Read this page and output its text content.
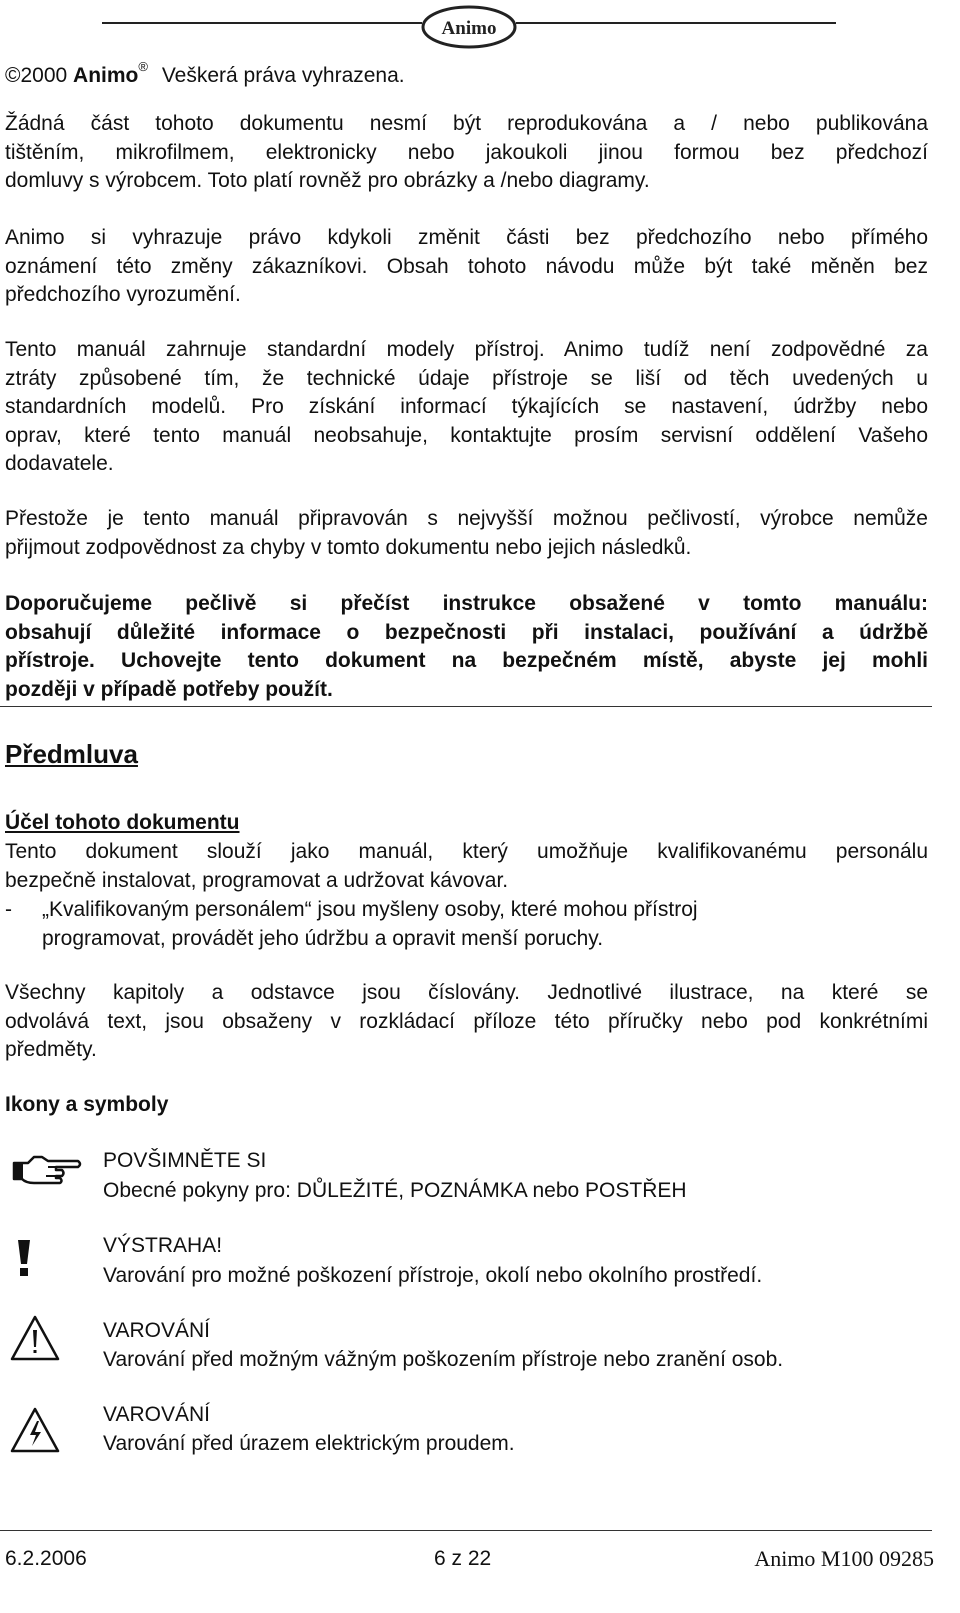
Animo
©2000 Animo® Veškerá práva vyhrazena.
Žádná část tohoto dokumentu nesmí být reprodukována a / nebo publikována
tištěním, mikrofilmem, elektronicky nebo jakoukoli jinou formou bez předchozí
domluvy s výrobcem. Toto platí rovněž pro obrázky a /nebo diagramy.
Animo si vyhrazuje právo kdykoli změnit části bez předchozího nebo přímého
oznámení této změny zákazníkovi. Obsah tohoto návodu může být také měněn bez
předchozího vyrozumění.
Tento manuál zahrnuje standardní modely přístroj. Animo tudíž není zodpovědné za
ztráty způsobené tím, že technické údaje přístroje se liší od těch uvedených u
standardních modelů. Pro získání informací týkajících se nastavení, údržby nebo
oprav, které tento manuál neobsahuje, kontaktujte prosím servisní oddělení Vašeho
dodavatele.
Přestože je tento manuál připravován s nejvyšší možnou pečlivostí, výrobce nemůže
přijmout zodpovědnost za chyby v tomto dokumentu nebo jejich následků.
Doporučujeme pečlivě si přečíst instrukce obsažené v tomto manuálu:
obsahují důležité informace o bezpečnosti při instalaci, používání a údržbě
přístroje. Uchovejte tento dokument na bezpečném místě, abyste jej mohli
později v případě potřeby použít.
Předmluva
Účel tohoto dokumentu
Tento dokument slouží jako manuál, který umožňuje kvalifikovanému personálu
bezpečně instalovat, programovat a udržovat kávovar.
- „Kvalifikovaným personálem“ jsou myšleny osoby, které mohou přístroj
programovat, provádět jeho údržbu a opravit menší poruchy.
Všechny kapitoly a odstavce jsou číslovány. Jednotlivé ilustrace, na které se
odvolává text, jsou obsaženy v rozkládací příloze této příručky nebo pod konkrétními
předměty.
Ikony a symboly
POVŠIMNĚTE SI
Obecné pokyny pro: DŮLEŽITÉ, POZNÁMKA nebo POSTŘEH
VÝSTRAHA!
Varování pro možné poškození přístroje, okolí nebo okolního prostředí.
VAROVÁNÍ
Varování před možným vážným poškozením přístroje nebo zranění osob.
VAROVÁNÍ
Varování před úrazem elektrickým proudem.
6.2.2006	6 z 22	Animo M100 09285
